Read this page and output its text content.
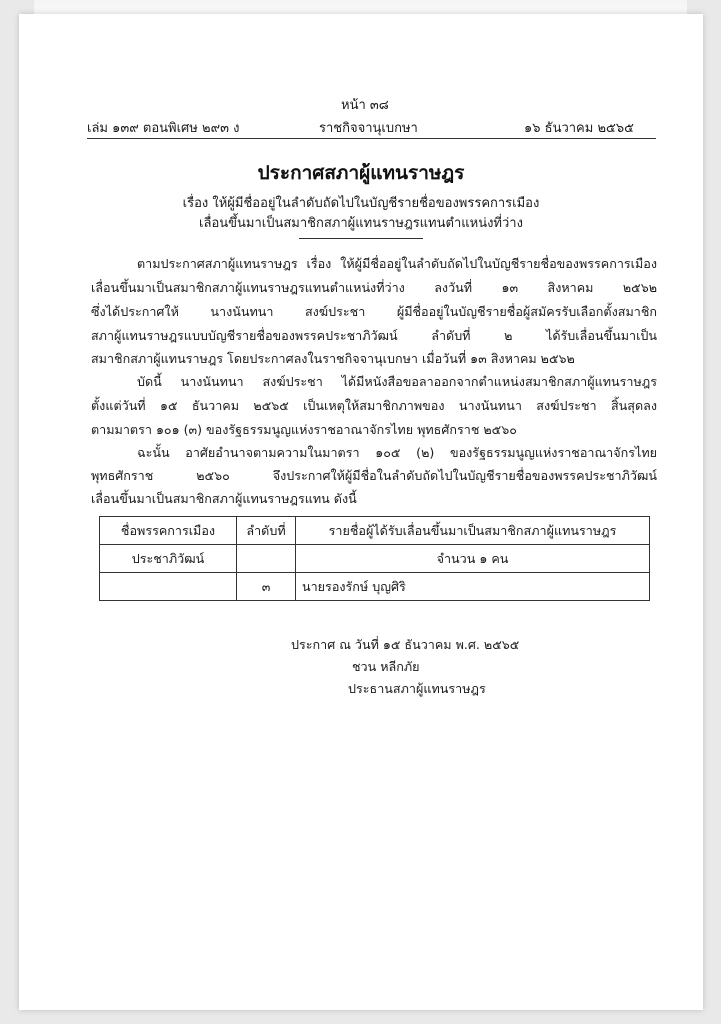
หน้า ๓๘
เล่ม ๑๓๙ ตอนพิเศษ ๒๙๓ ง	ราชกิจจานุเบกษา	๑๖ ธันวาคม ๒๕๖๕
ประกาศสภาผู้แทนราษฎร
เรื่อง ให้ผู้มีชื่ออยู่ในลำดับถัดไปในบัญชีรายชื่อของพรรคการเมือง
เลื่อนขึ้นมาเป็นสมาชิกสภาผู้แทนราษฎรแทนตำแหน่งที่ว่าง
ตามประกาศสภาผู้แทนราษฎร เรื่อง ให้ผู้มีชื่ออยู่ในลำดับถัดไปในบัญชีรายชื่อของพรรคการเมือง
เลื่อนขึ้นมาเป็นสมาชิกสภาผู้แทนราษฎรแทนตำแหน่งที่ว่าง ลงวันที่ ๑๓ สิงหาคม ๒๕๖๒
ซึ่งได้ประกาศให้ นางนันทนา สงฆ์ประชา ผู้มีชื่ออยู่ในบัญชีรายชื่อผู้สมัครรับเลือกตั้งสมาชิก
สภาผู้แทนราษฎรแบบบัญชีรายชื่อของพรรคประชาภิวัฒน์ ลำดับที่ ๒ ได้รับเลื่อนขึ้นมาเป็น
สมาชิกสภาผู้แทนราษฎร โดยประกาศลงในราชกิจจานุเบกษา เมื่อวันที่ ๑๓ สิงหาคม ๒๕๖๒
บัดนี้ นางนันทนา สงฆ์ประชา ได้มีหนังสือขอลาออกจากตำแหน่งสมาชิกสภาผู้แทนราษฎร
ตั้งแต่วันที่ ๑๕ ธันวาคม ๒๕๖๕ เป็นเหตุให้สมาชิกภาพของ นางนันทนา สงฆ์ประชา สิ้นสุดลง
ตามมาตรา ๑๐๑ (๓) ของรัฐธรรมนูญแห่งราชอาณาจักรไทย พุทธศักราช ๒๕๖๐
ฉะนั้น อาศัยอำนาจตามความในมาตรา ๑๐๕ (๒) ของรัฐธรรมนูญแห่งราชอาณาจักรไทย
พุทธศักราช ๒๕๖๐ จึงประกาศให้ผู้มีชื่อในลำดับถัดไปในบัญชีรายชื่อของพรรคประชาภิวัฒน์
เลื่อนขึ้นมาเป็นสมาชิกสภาผู้แทนราษฎรแทน ดังนี้
ชื่อพรรคการเมือง	ลำดับที่	รายชื่อผู้ได้รับเลื่อนขึ้นมาเป็นสมาชิกสภาผู้แทนราษฎร
ประชาภิวัฒน์		จำนวน ๑ คน
	๓	นายรองรักษ์ บุญศิริ
ประกาศ ณ วันที่ ๑๕ ธันวาคม พ.ศ. ๒๕๖๕
ชวน หลีกภัย
ประธานสภาผู้แทนราษฎร
